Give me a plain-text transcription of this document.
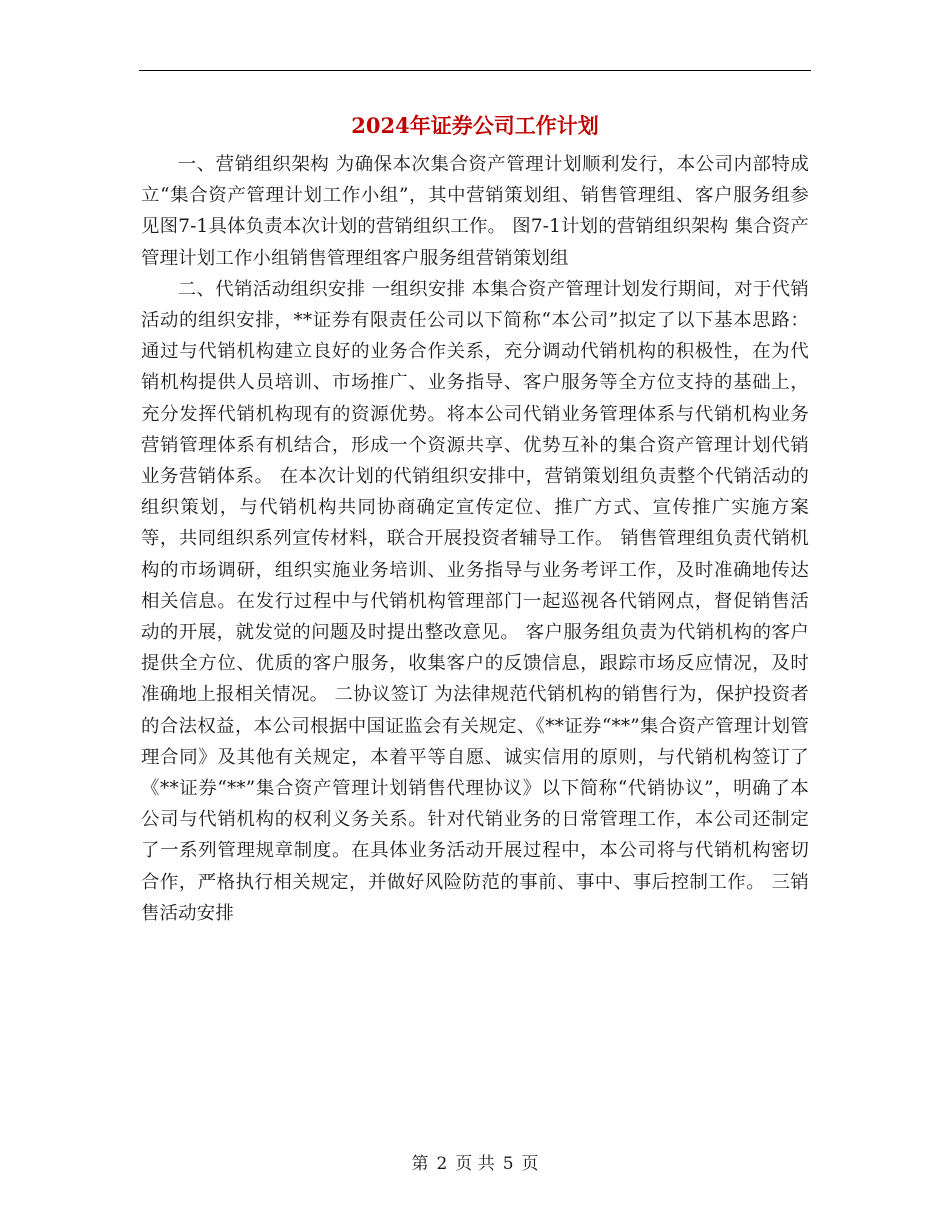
2024年证券公司工作计划

一、营销组织架构 为确保本次集合资产管理计划顺利发行，本公司内部特成立“集合资产管理计划工作小组”，其中营销策划组、销售管理组、客户服务组参见图7-1具体负责本次计划的营销组织工作。 图7-1计划的营销组织架构 集合资产管理计划工作小组销售管理组客户服务组营销策划组

二、代销活动组织安排 一组织安排 本集合资产管理计划发行期间，对于代销活动的组织安排，**证券有限责任公司以下简称“本公司”拟定了以下基本思路：通过与代销机构建立良好的业务合作关系，充分调动代销机构的积极性，在为代销机构提供人员培训、市场推广、业务指导、客户服务等全方位支持的基础上，充分发挥代销机构现有的资源优势。将本公司代销业务管理体系与代销机构业务营销管理体系有机结合，形成一个资源共享、优势互补的集合资产管理计划代销业务营销体系。 在本次计划的代销组织安排中，营销策划组负责整个代销活动的组织策划，与代销机构共同协商确定宣传定位、推广方式、宣传推广实施方案等，共同组织系列宣传材料，联合开展投资者辅导工作。 销售管理组负责代销机构的市场调研，组织实施业务培训、业务指导与业务考评工作，及时准确地传达相关信息。在发行过程中与代销机构管理部门一起巡视各代销网点，督促销售活动的开展，就发觉的问题及时提出整改意见。 客户服务组负责为代销机构的客户提供全方位、优质的客户服务，收集客户的反馈信息，跟踪市场反应情况，及时准确地上报相关情况。 二协议签订 为法律规范代销机构的销售行为，保护投资者的合法权益，本公司根据中国证监会有关规定、《**证券“**”集合资产管理计划管理合同》及其他有关规定，本着平等自愿、诚实信用的原则，与代销机构签订了《**证券“**”集合资产管理计划销售代理协议》以下简称“代销协议”，明确了本公司与代销机构的权利义务关系。针对代销业务的日常管理工作，本公司还制定了一系列管理规章制度。在具体业务活动开展过程中，本公司将与代销机构密切合作，严格执行相关规定，并做好风险防范的事前、事中、事后控制工作。 三销售活动安排

第 2 页 共 5 页
